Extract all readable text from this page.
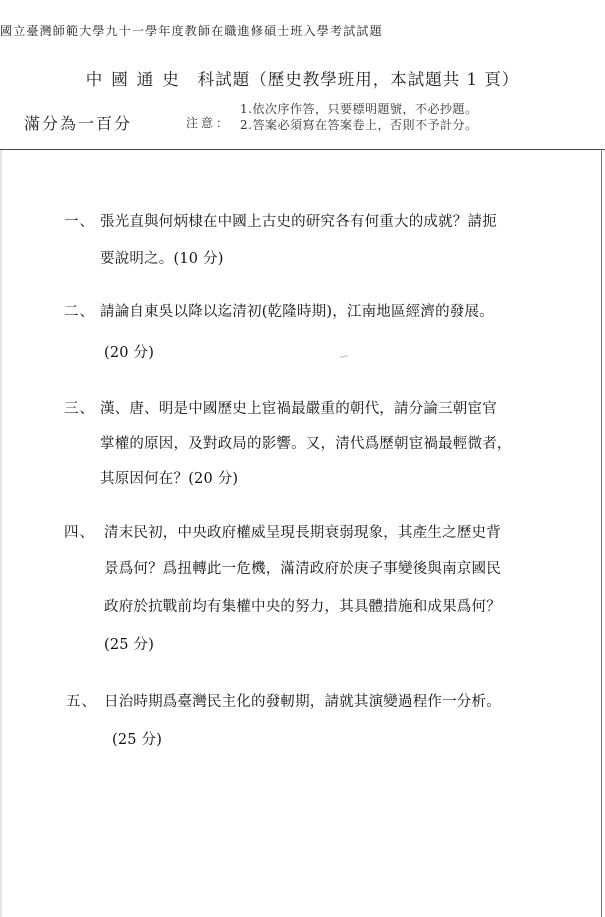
國立臺灣師範大學九十一學年度教師在職進修碩士班入學考試試題
中國通史 科試題（歷史教學班用，本試題共 1 頁）
滿分為一百分	注意：
1.依次序作答，只要標明題號，不必抄題。
2.答案必須寫在答案卷上，否則不予計分。
一、 張光直與何炳棣在中國上古史的研究各有何重大的成就？請扼
要說明之。(10 分)
二、 請論自東吳以降以迄清初(乾隆時期)，江南地區經濟的發展。
(20 分)
三、 漢、唐、明是中國歷史上宦禍最嚴重的朝代，請分論三朝宦官
掌權的原因，及對政局的影響。又，清代爲歷朝宦禍最輕微者，
其原因何在？(20 分)
四、 清末民初，中央政府權威呈現長期衰弱現象，其產生之歷史背
景爲何？爲扭轉此一危機，滿清政府於庚子事變後與南京國民
政府於抗戰前均有集權中央的努力，其具體措施和成果爲何？
(25 分)
五、 日治時期爲臺灣民主化的發軔期，請就其演變過程作一分析。
(25 分)
